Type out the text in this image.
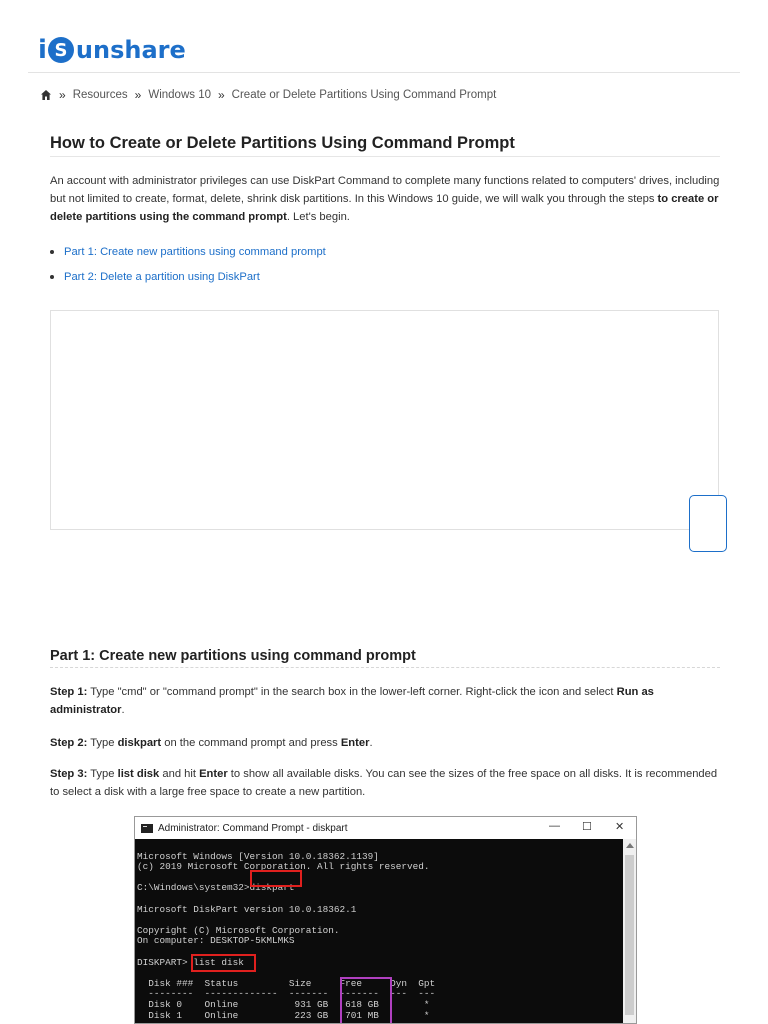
i S unshare
» Resources » Windows 10 » Create or Delete Partitions Using Command Prompt
How to Create or Delete Partitions Using Command Prompt

An account with administrator privileges can use DiskPart Command to complete many functions related to computers' drives, including but not limited to create, format, delete, shrink disk partitions. In this Windows 10 guide, we will walk you through the steps to create or delete partitions using the command prompt. Let's begin.

Part 1: Create new partitions using command prompt
Part 2: Delete a partition using DiskPart
Part 1: Create new partitions using command prompt

Step 1: Type "cmd" or "command prompt" in the search box in the lower-left corner. Right-click the icon and select Run as administrator.

Step 2: Type diskpart on the command prompt and press Enter.

Step 3: Type list disk and hit Enter to show all available disks. You can see the sizes of the free space on all disks. It is recommended to select a disk with a large free space to create a new partition.

Administrator: Command Prompt - diskpart	— ☐ ✕

Microsoft Windows [Version 10.0.18362.1139]
(c) 2019 Microsoft Corporation. All rights reserved.

C:\Windows\system32>diskpart

Microsoft DiskPart version 10.0.18362.1

Copyright (C) Microsoft Corporation.
On computer: DESKTOP-5KMLMKS

DISKPART> list disk

Disk ###  Status         Size     Free     Dyn  Gpt
--------  -------------  -------  -------  ---  ---
Disk 0    Online          931 GB   618 GB        *
Disk 1    Online          223 GB   701 MB        *
